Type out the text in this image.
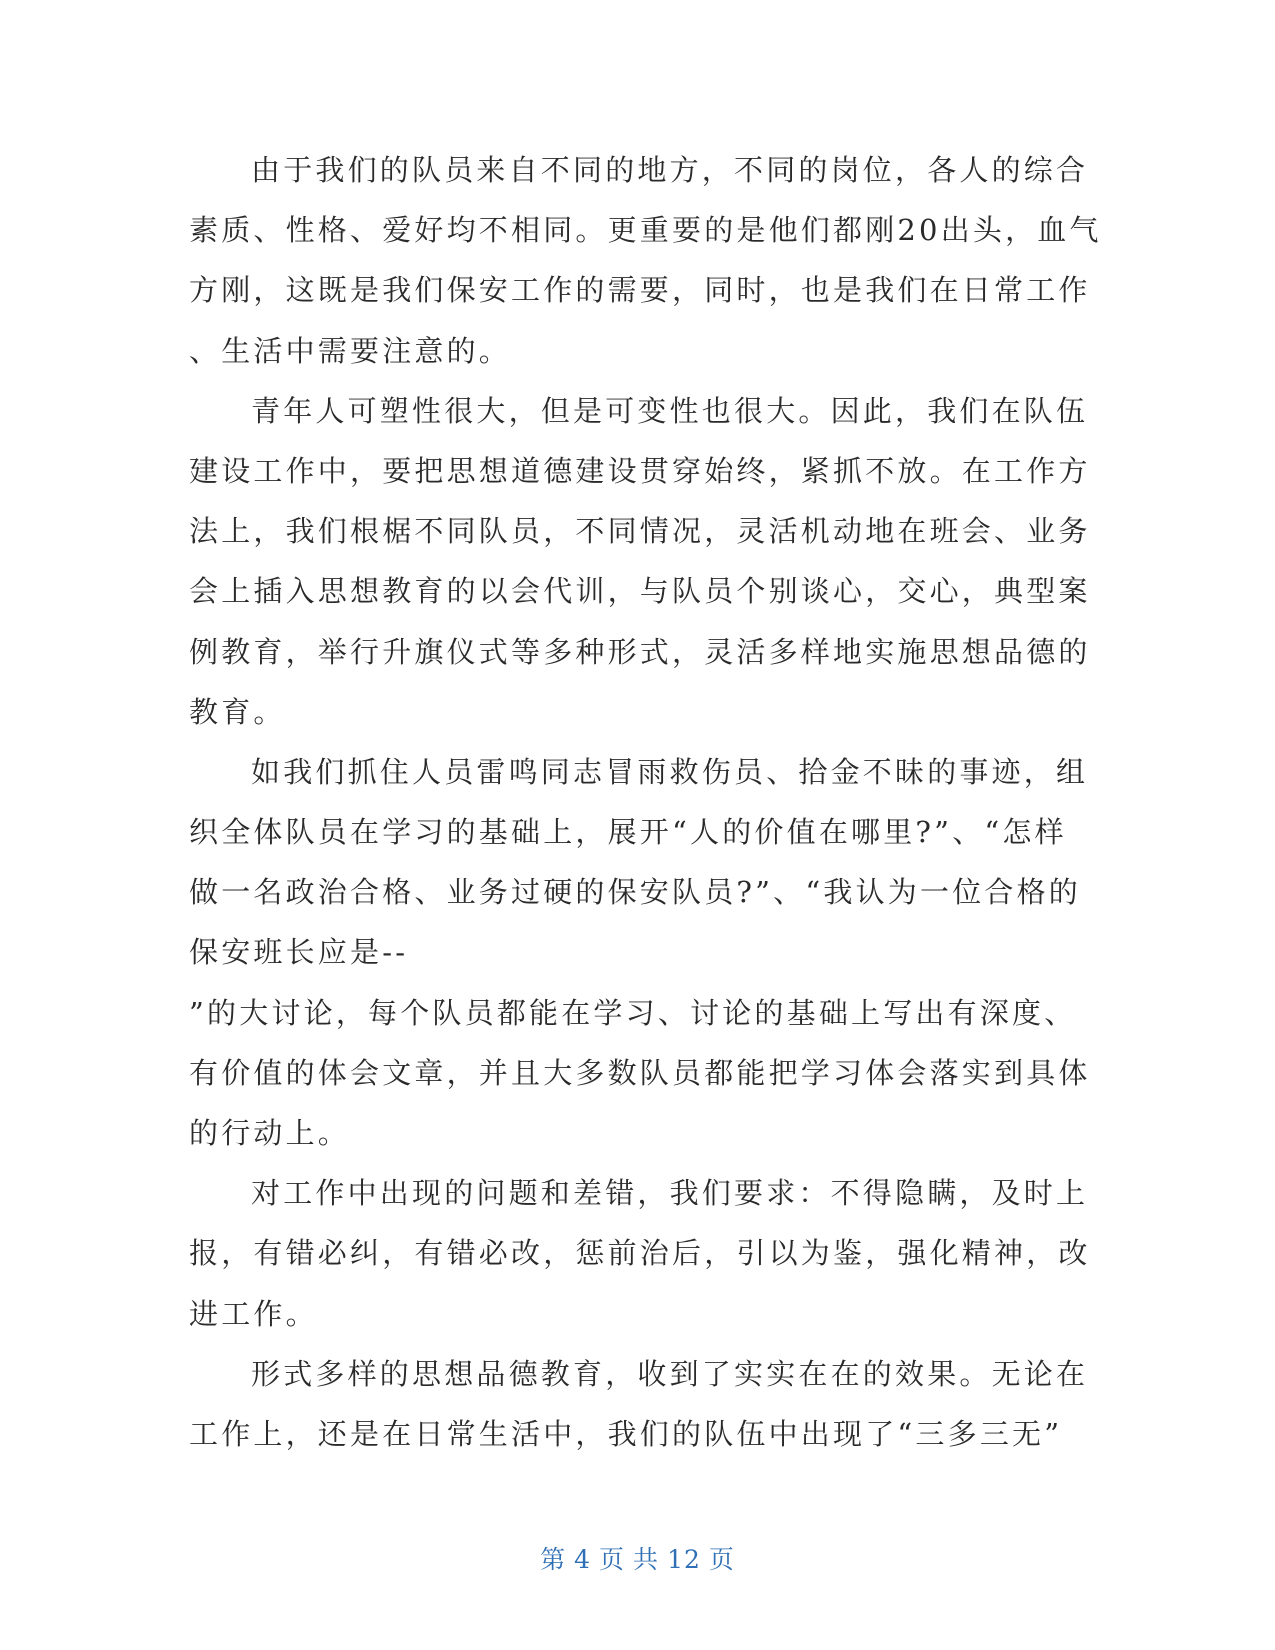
由于我们的队员来自不同的地方，不同的岗位，各人的综合
素质、性格、爱好均不相同。更重要的是他们都刚20出头，血气
方刚，这既是我们保安工作的需要，同时，也是我们在日常工作
、生活中需要注意的。
青年人可塑性很大，但是可变性也很大。因此，我们在队伍
建设工作中，要把思想道德建设贯穿始终，紧抓不放。在工作方
法上，我们根椐不同队员，不同情况，灵活机动地在班会、业务
会上插入思想教育的以会代训，与队员个别谈心，交心，典型案
例教育，举行升旗仪式等多种形式，灵活多样地实施思想品德的
教育。
如我们抓住人员雷鸣同志冒雨救伤员、拾金不昧的事迹，组
织全体队员在学习的基础上，展开“人的价值在哪里?”、“怎样
做一名政治合格、业务过硬的保安队员?”、“我认为一位合格的
保安班长应是--
”的大讨论，每个队员都能在学习、讨论的基础上写出有深度、
有价值的体会文章，并且大多数队员都能把学习体会落实到具体
的行动上。
对工作中出现的问题和差错，我们要求：不得隐瞒，及时上
报，有错必纠，有错必改，惩前治后，引以为鉴，强化精神，改
进工作。
形式多样的思想品德教育，收到了实实在在的效果。无论在
工作上，还是在日常生活中，我们的队伍中出现了“三多三无”
第 4 页 共 12 页
